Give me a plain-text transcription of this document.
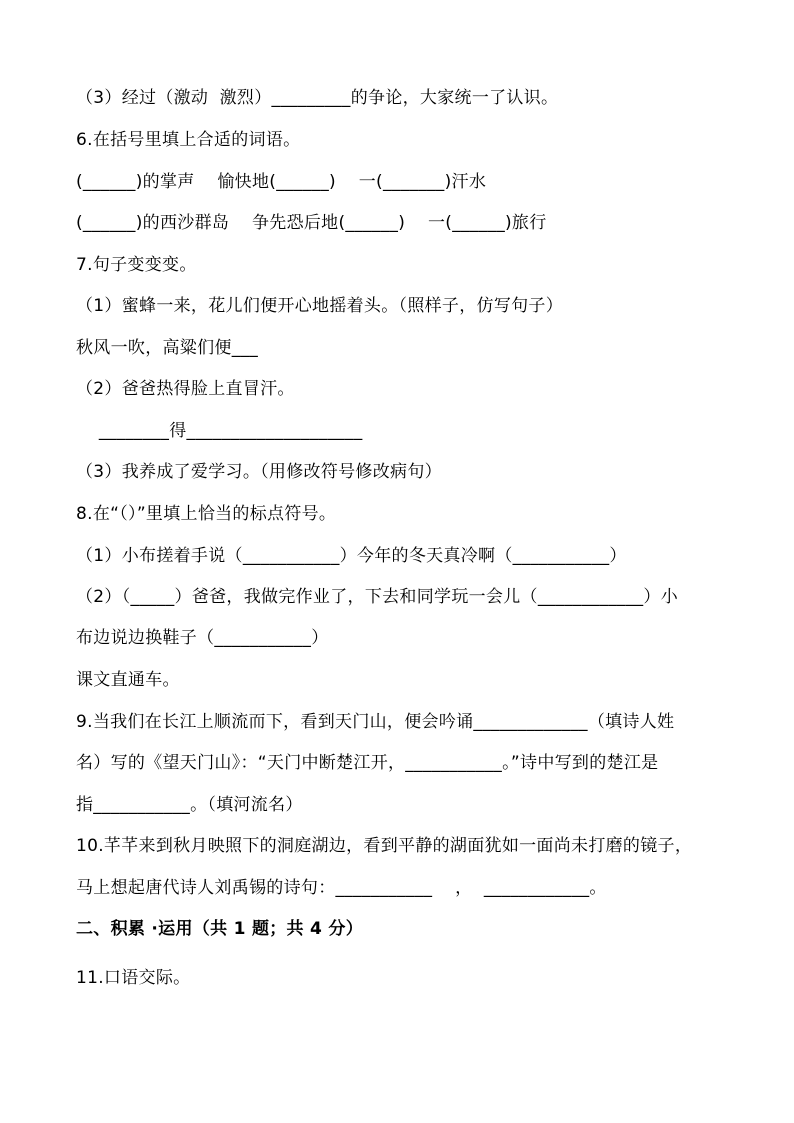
（3）经过（激动  激烈）_________的争论，大家统一了认识。
6.在括号里填上合适的词语。
(______)的掌声    愉快地(______)    一(_______)汗水
(______)的西沙群岛    争先恐后地(______)    一(______)旅行
7.句子变变变。
（1）蜜蜂一来，花儿们便开心地摇着头。（照样子，仿写句子）
秋风一吹，高粱们便___
（2）爸爸热得脸上直冒汗。
________得____________________
（3）我养成了爱学习。（用修改符号修改病句）
8.在“（）”里填上恰当的标点符号。
（1）小布搓着手说（___________）今年的冬天真冷啊（___________）
（2）（_____）爸爸，我做完作业了，下去和同学玩一会儿（____________）小
布边说边换鞋子（___________）
课文直通车。
9.当我们在长江上顺流而下，看到天门山，便会吟诵_____________（填诗人姓
名）写的《望天门山》：“天门中断楚江开，___________。”诗中写到的楚江是
指___________。（填河流名）
10.芊芊来到秋月映照下的洞庭湖边，看到平静的湖面犹如一面尚未打磨的镜子，
马上想起唐代诗人刘禹锡的诗句：___________    ，  ____________。
二、积累 ·运用（共 1 题；共 4 分）
11.口语交际。
